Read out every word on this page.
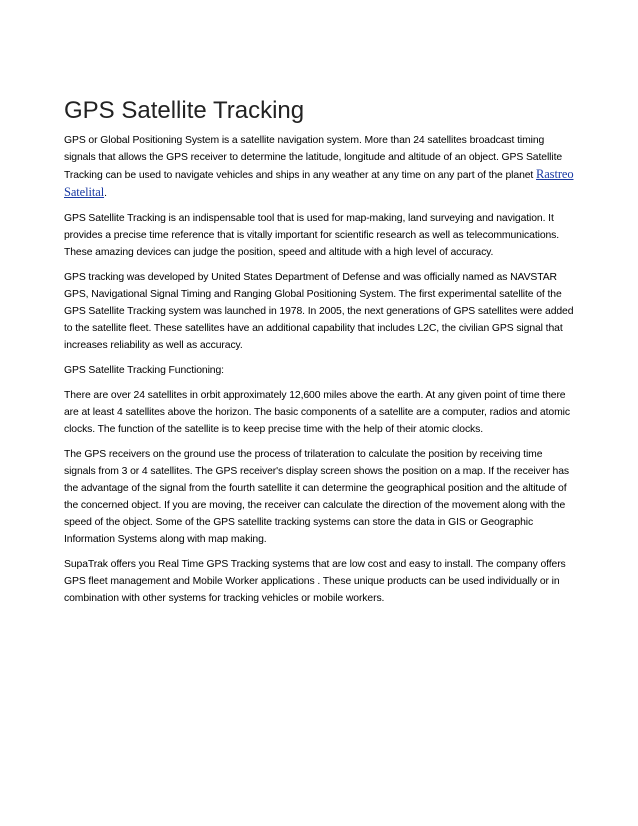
GPS Satellite Tracking

GPS or Global Positioning System is a satellite navigation system. More than 24 satellites broadcast timing signals that allows the GPS receiver to determine the latitude, longitude and altitude of an object. GPS Satellite Tracking can be used to navigate vehicles and ships in any weather at any time on any part of the planet Rastreo Satelital.

GPS Satellite Tracking is an indispensable tool that is used for map-making, land surveying and navigation. It provides a precise time reference that is vitally important for scientific research as well as telecommunications. These amazing devices can judge the position, speed and altitude with a high level of accuracy.

GPS tracking was developed by United States Department of Defense and was officially named as NAVSTAR GPS, Navigational Signal Timing and Ranging Global Positioning System. The first experimental satellite of the GPS Satellite Tracking system was launched in 1978. In 2005, the next generations of GPS satellites were added to the satellite fleet. These satellites have an additional capability that includes L2C, the civilian GPS signal that increases reliability as well as accuracy.

GPS Satellite Tracking Functioning:

There are over 24 satellites in orbit approximately 12,600 miles above the earth. At any given point of time there are at least 4 satellites above the horizon. The basic components of a satellite are a computer, radios and atomic clocks. The function of the satellite is to keep precise time with the help of their atomic clocks.

The GPS receivers on the ground use the process of trilateration to calculate the position by receiving time signals from 3 or 4 satellites. The GPS receiver's display screen shows the position on a map. If the receiver has the advantage of the signal from the fourth satellite it can determine the geographical position and the altitude of the concerned object. If you are moving, the receiver can calculate the direction of the movement along with the speed of the object. Some of the GPS satellite tracking systems can store the data in GIS or Geographic Information Systems along with map making.

SupaTrak offers you Real Time GPS Tracking systems that are low cost and easy to install. The company offers GPS fleet management and Mobile Worker applications . These unique products can be used individually or in combination with other systems for tracking vehicles or mobile workers.
